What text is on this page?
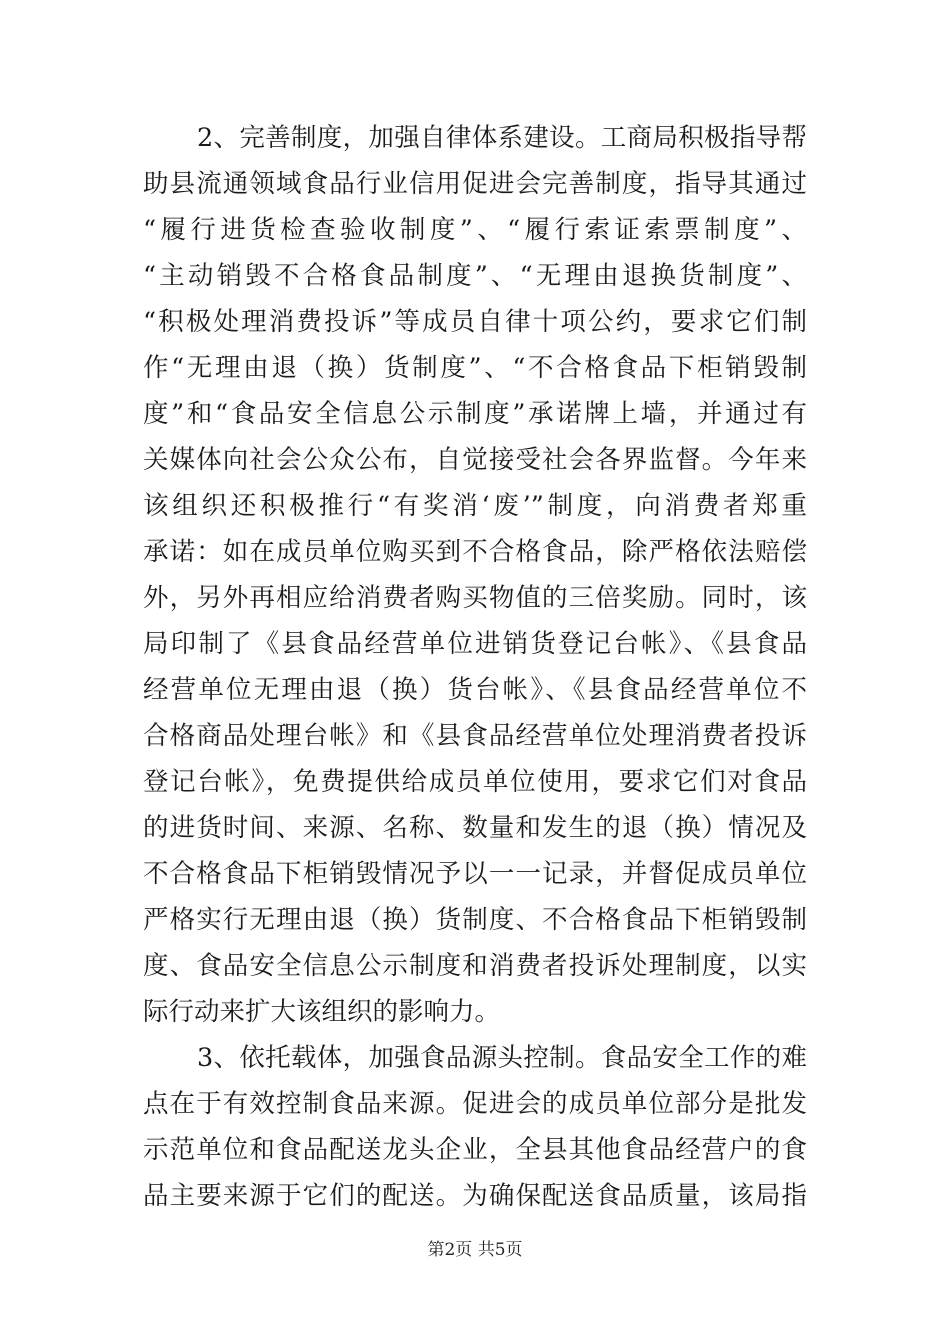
2、完善制度，加强自律体系建设。工商局积极指导帮
助县流通领域食品行业信用促进会完善制度，指导其通过
“履行进货检查验收制度”、“履行索证索票制度”、
“主动销毁不合格食品制度”、“无理由退换货制度”、
“积极处理消费投诉”等成员自律十项公约，要求它们制
作“无理由退（换）货制度”、“不合格食品下柜销毁制
度”和“食品安全信息公示制度”承诺牌上墙，并通过有
关媒体向社会公众公布，自觉接受社会各界监督。今年来
该组织还积极推行“有奖消‘废’”制度，向消费者郑重
承诺：如在成员单位购买到不合格食品，除严格依法赔偿
外，另外再相应给消费者购买物值的三倍奖励。同时，该
局印制了《县食品经营单位进销货登记台帐》、《县食品
经营单位无理由退（换）货台帐》、《县食品经营单位不
合格商品处理台帐》和《县食品经营单位处理消费者投诉
登记台帐》，免费提供给成员单位使用，要求它们对食品
的进货时间、来源、名称、数量和发生的退（换）情况及
不合格食品下柜销毁情况予以一一记录，并督促成员单位
严格实行无理由退（换）货制度、不合格食品下柜销毁制
度、食品安全信息公示制度和消费者投诉处理制度，以实
际行动来扩大该组织的影响力。
3、依托载体，加强食品源头控制。食品安全工作的难
点在于有效控制食品来源。促进会的成员单位部分是批发
示范单位和食品配送龙头企业，全县其他食品经营户的食
品主要来源于它们的配送。为确保配送食品质量，该局指
第2页 共5页
